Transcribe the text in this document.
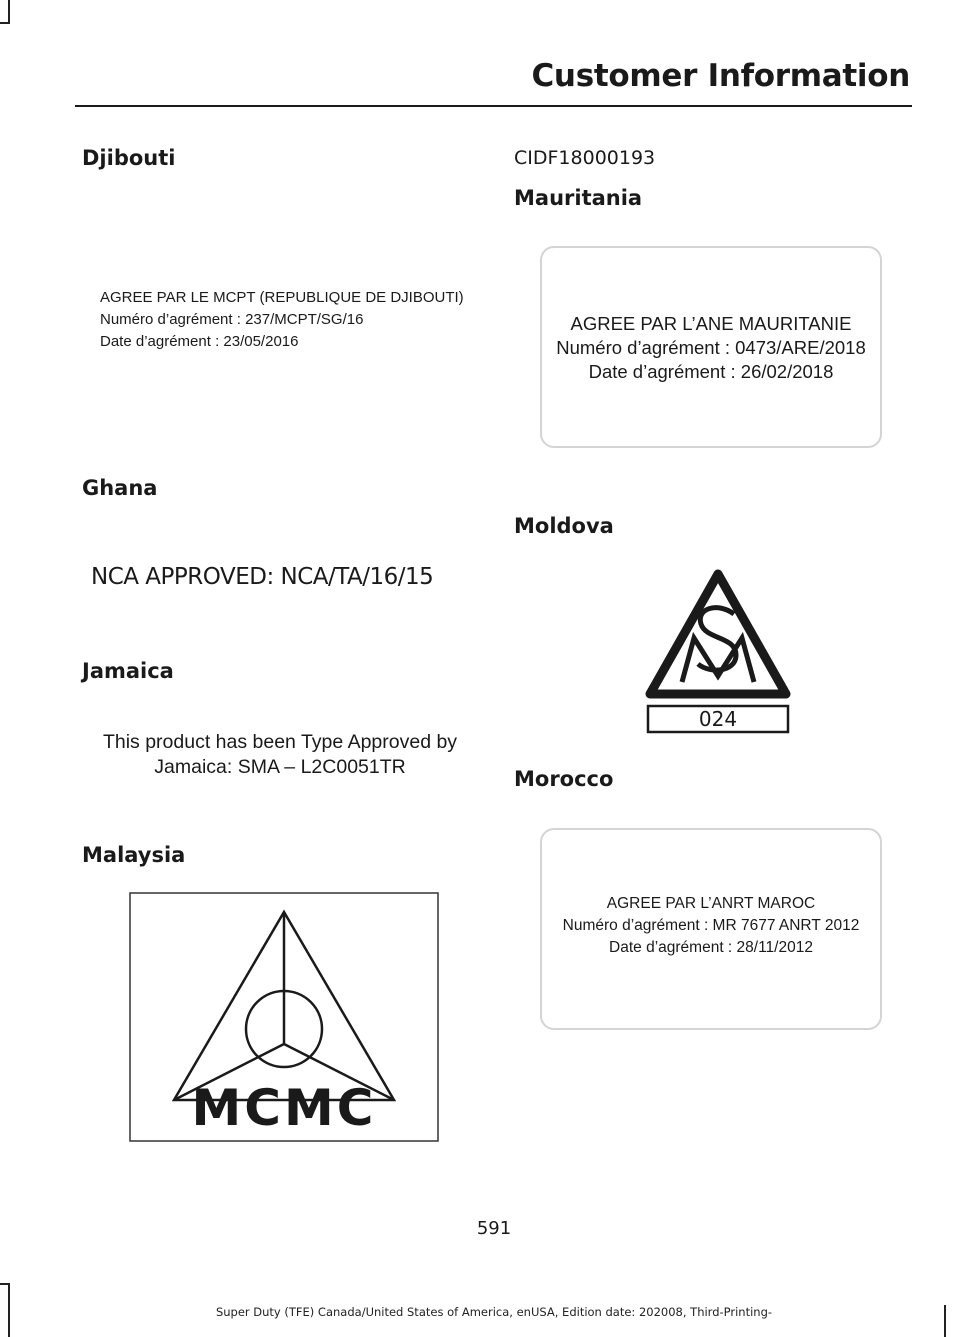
Customer Information
Djibouti
AGREE PAR LE MCPT (REPUBLIQUE DE DJIBOUTI)
Numéro d’agrément : 237/MCPT/SG/16
Date d’agrément : 23/05/2016
Ghana
NCA APPROVED: NCA/TA/16/15
Jamaica
This product has been Type Approved by
Jamaica: SMA – L2C0051TR
Malaysia
MCMC
CIDF18000193
Mauritania
AGREE PAR L’ANE MAURITANIE
Numéro d’agrément : 0473/ARE/2018
Date d’agrément : 26/02/2018
Moldova
024
Morocco
AGREE PAR L’ANRT MAROC
Numéro d’agrément : MR 7677 ANRT 2012
Date d’agrément : 28/11/2012
591
Super Duty (TFE) Canada/United States of America, enUSA, Edition date: 202008, Third-Printing-
